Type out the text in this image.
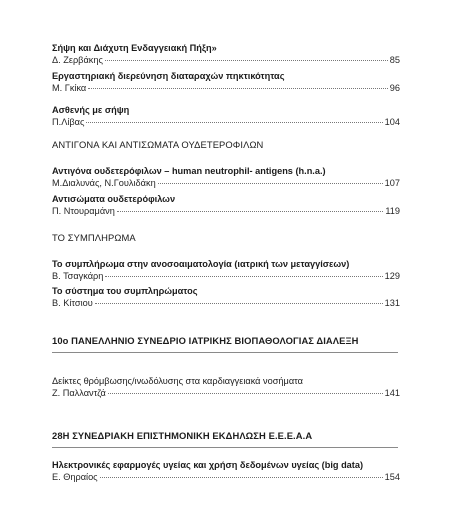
Σήψη και Διάχυτη Ενδαγγειακή Πήξη»
Δ. Ζερβάκης	85
Εργαστηριακή διερεύνηση διαταραχών πηκτικότητας
Μ. Γκίκα	96
Ασθενής με σήψη
Π.Λίβας	104
ΑΝΤΙΓΟΝΑ ΚΑΙ ΑΝΤΙΣΩΜΑΤΑ ΟΥΔΕΤΕΡΟΦΙΛΩΝ
Αντιγόνα ουδετερόφιλων – human neutrophil- antigens (h.n.a.)
Μ.Διαλυνάς, Ν.Γουλιδάκη	107
Αντισώματα ουδετερόφιλων
Π. Ντουραμάνη	119
ΤΟ ΣΥΜΠΛΗΡΩΜΑ
Το συμπλήρωμα στην ανοσοαιματολογία (ιατρική των μεταγγίσεων)
Β. Τσαγκάρη	129
Το σύστημα του συμπληρώματος
Β. Κίτσιου	131
10ο ΠΑΝΕΛΛΗΝΙΟ ΣΥΝΕΔΡΙΟ ΙΑΤΡΙΚΗΣ ΒΙΟΠΑΘΟΛΟΓΙΑΣ ΔΙΑΛΕΞΗ
Δείκτες θρόμβωσης/ινωδόλυσης στα καρδιαγγειακά νοσήματα
Ζ. Παλλαντζά	141
28Η ΣΥΝΕΔΡΙΑΚΗ ΕΠΙΣΤΗΜΟΝΙΚΗ ΕΚΔΗΛΩΣΗ Ε.Ε.Ε.Α.Α
Ηλεκτρονικές εφαρμογές υγείας και χρήση δεδομένων υγείας (big data)
Ε. Θηραίος	154
